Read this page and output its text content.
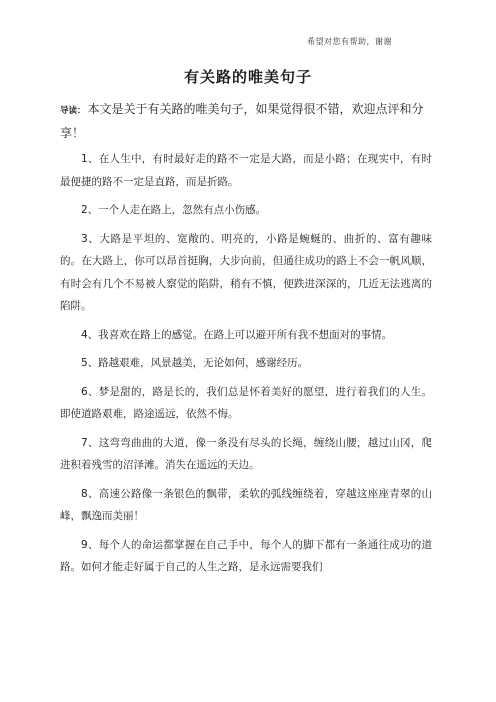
希望对您有帮助，谢谢
有关路的唯美句子

导读： 本文是关于有关路的唯美句子，如果觉得很不错，欢迎点评和分享！

1、在人生中，有时最好走的路不一定是大路，而是小路；在现实中，有时最便捷的路不一定是直路，而是折路。

2、一个人走在路上，忽然有点小伤感。

3、大路是平坦的、宽敞的、明亮的，小路是蜿蜒的、曲折的、富有趣味的。在大路上，你可以昂首挺胸，大步向前，但通往成功的路上不会一帆风顺，有时会有几个不易被人察觉的陷阱，稍有不慎，便跌进深深的，几近无法逃离的陷阱。

4、我喜欢在路上的感觉。在路上可以避开所有我不想面对的事情。

5、路越艰难，风景越美，无论如何，感谢经历。

6、梦是甜的，路是长的，我们总是怀着美好的愿望，进行着我们的人生。即使道路艰难，路途遥远，依然不悔。

7、这弯弯曲曲的大道，像一条没有尽头的长绳，缠绕山腰，越过山冈，爬进积着残雪的沼泽滩。消失在遥远的天边。

8、高速公路像一条银色的飘带，柔软的弧线缠绕着，穿越这座座青翠的山峰，飘逸而美丽！

9、每个人的命运都掌握在自己手中，每个人的脚下都有一条通往成功的道路。如何才能走好属于自己的人生之路，是永远需要我们
